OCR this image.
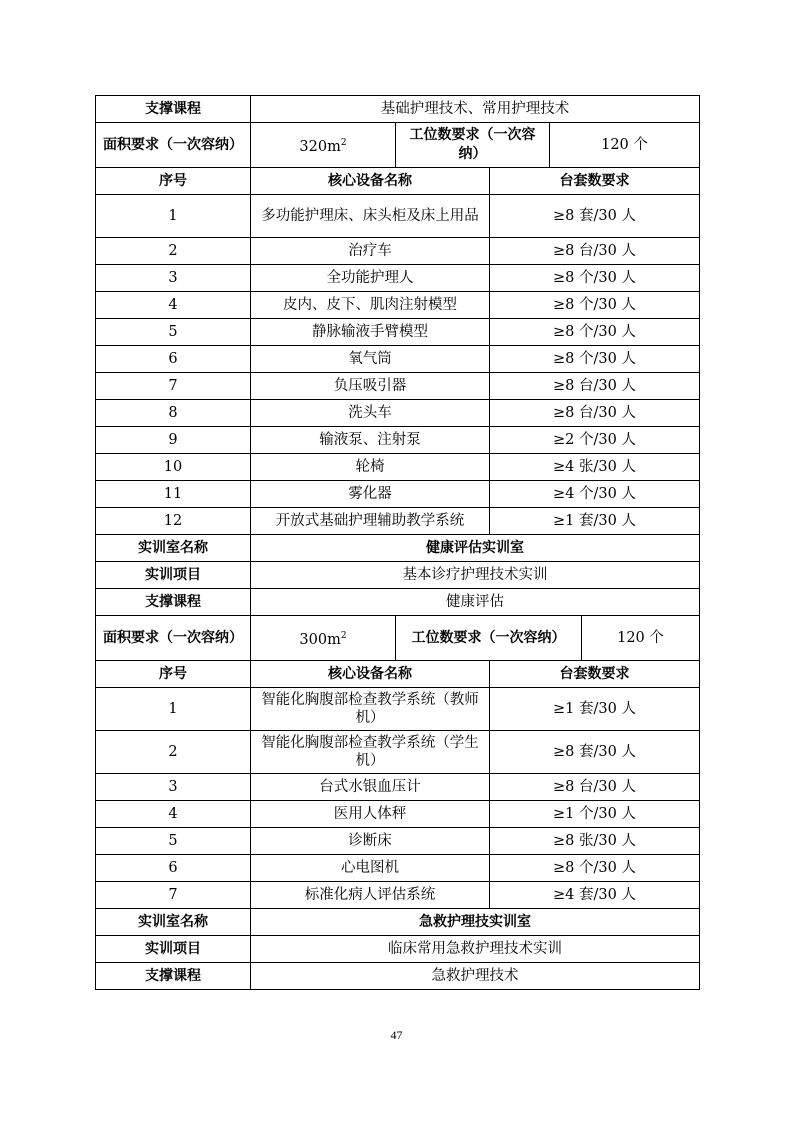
支撑课程	基础护理技术、常用护理技术			
面积要求（一次容纳）	$320m^2$	工位数要求（一次容纳）		120 个
序号	核心设备名称		台套数要求	
1	多功能护理床、床头柜及床上用品		≥8 套/30 人	
2	治疗车		≥8 台/30 人	
3	全功能护理人		≥8 个/30 人	
4	皮内、皮下、肌肉注射模型		≥8 个/30 人	
5	静脉输液手臂模型		≥8 个/30 人	
6	氧气筒		≥8 个/30 人	
7	负压吸引器		≥8 台/30 人	
8	洗头车		≥8 台/30 人	
9	输液泵、注射泵		≥2 个/30 人	
10	轮椅		≥4 张/30 人	
11	雾化器		≥4 个/30 人	
12	开放式基础护理辅助教学系统		≥1 套/30 人	
实训室名称	健康评估实训室			
实训项目	基本诊疗护理技术实训			
支撑课程	健康评估			
面积要求（一次容纳）	$300m^2$	工位数要求（一次容纳） 120 个		

序号	核心设备名称		台套数要求	
1	智能化胸腹部检查教学系统（教师机）		≥1 套/30 人	
2	智能化胸腹部检查教学系统（学生机）		≥8 套/30 人	
3	台式水银血压计		≥8 台/30 人	
4	医用人体秤		≥1 个/30 人	
5	诊断床		≥8 张/30 人	
6	心电图机		≥8 个/30 人	
7	标准化病人评估系统		≥4 套/30 人	
实训室名称	急救护理技实训室			
实训项目	临床常用急救护理技术实训			
支撑课程	急救护理技术			
47
